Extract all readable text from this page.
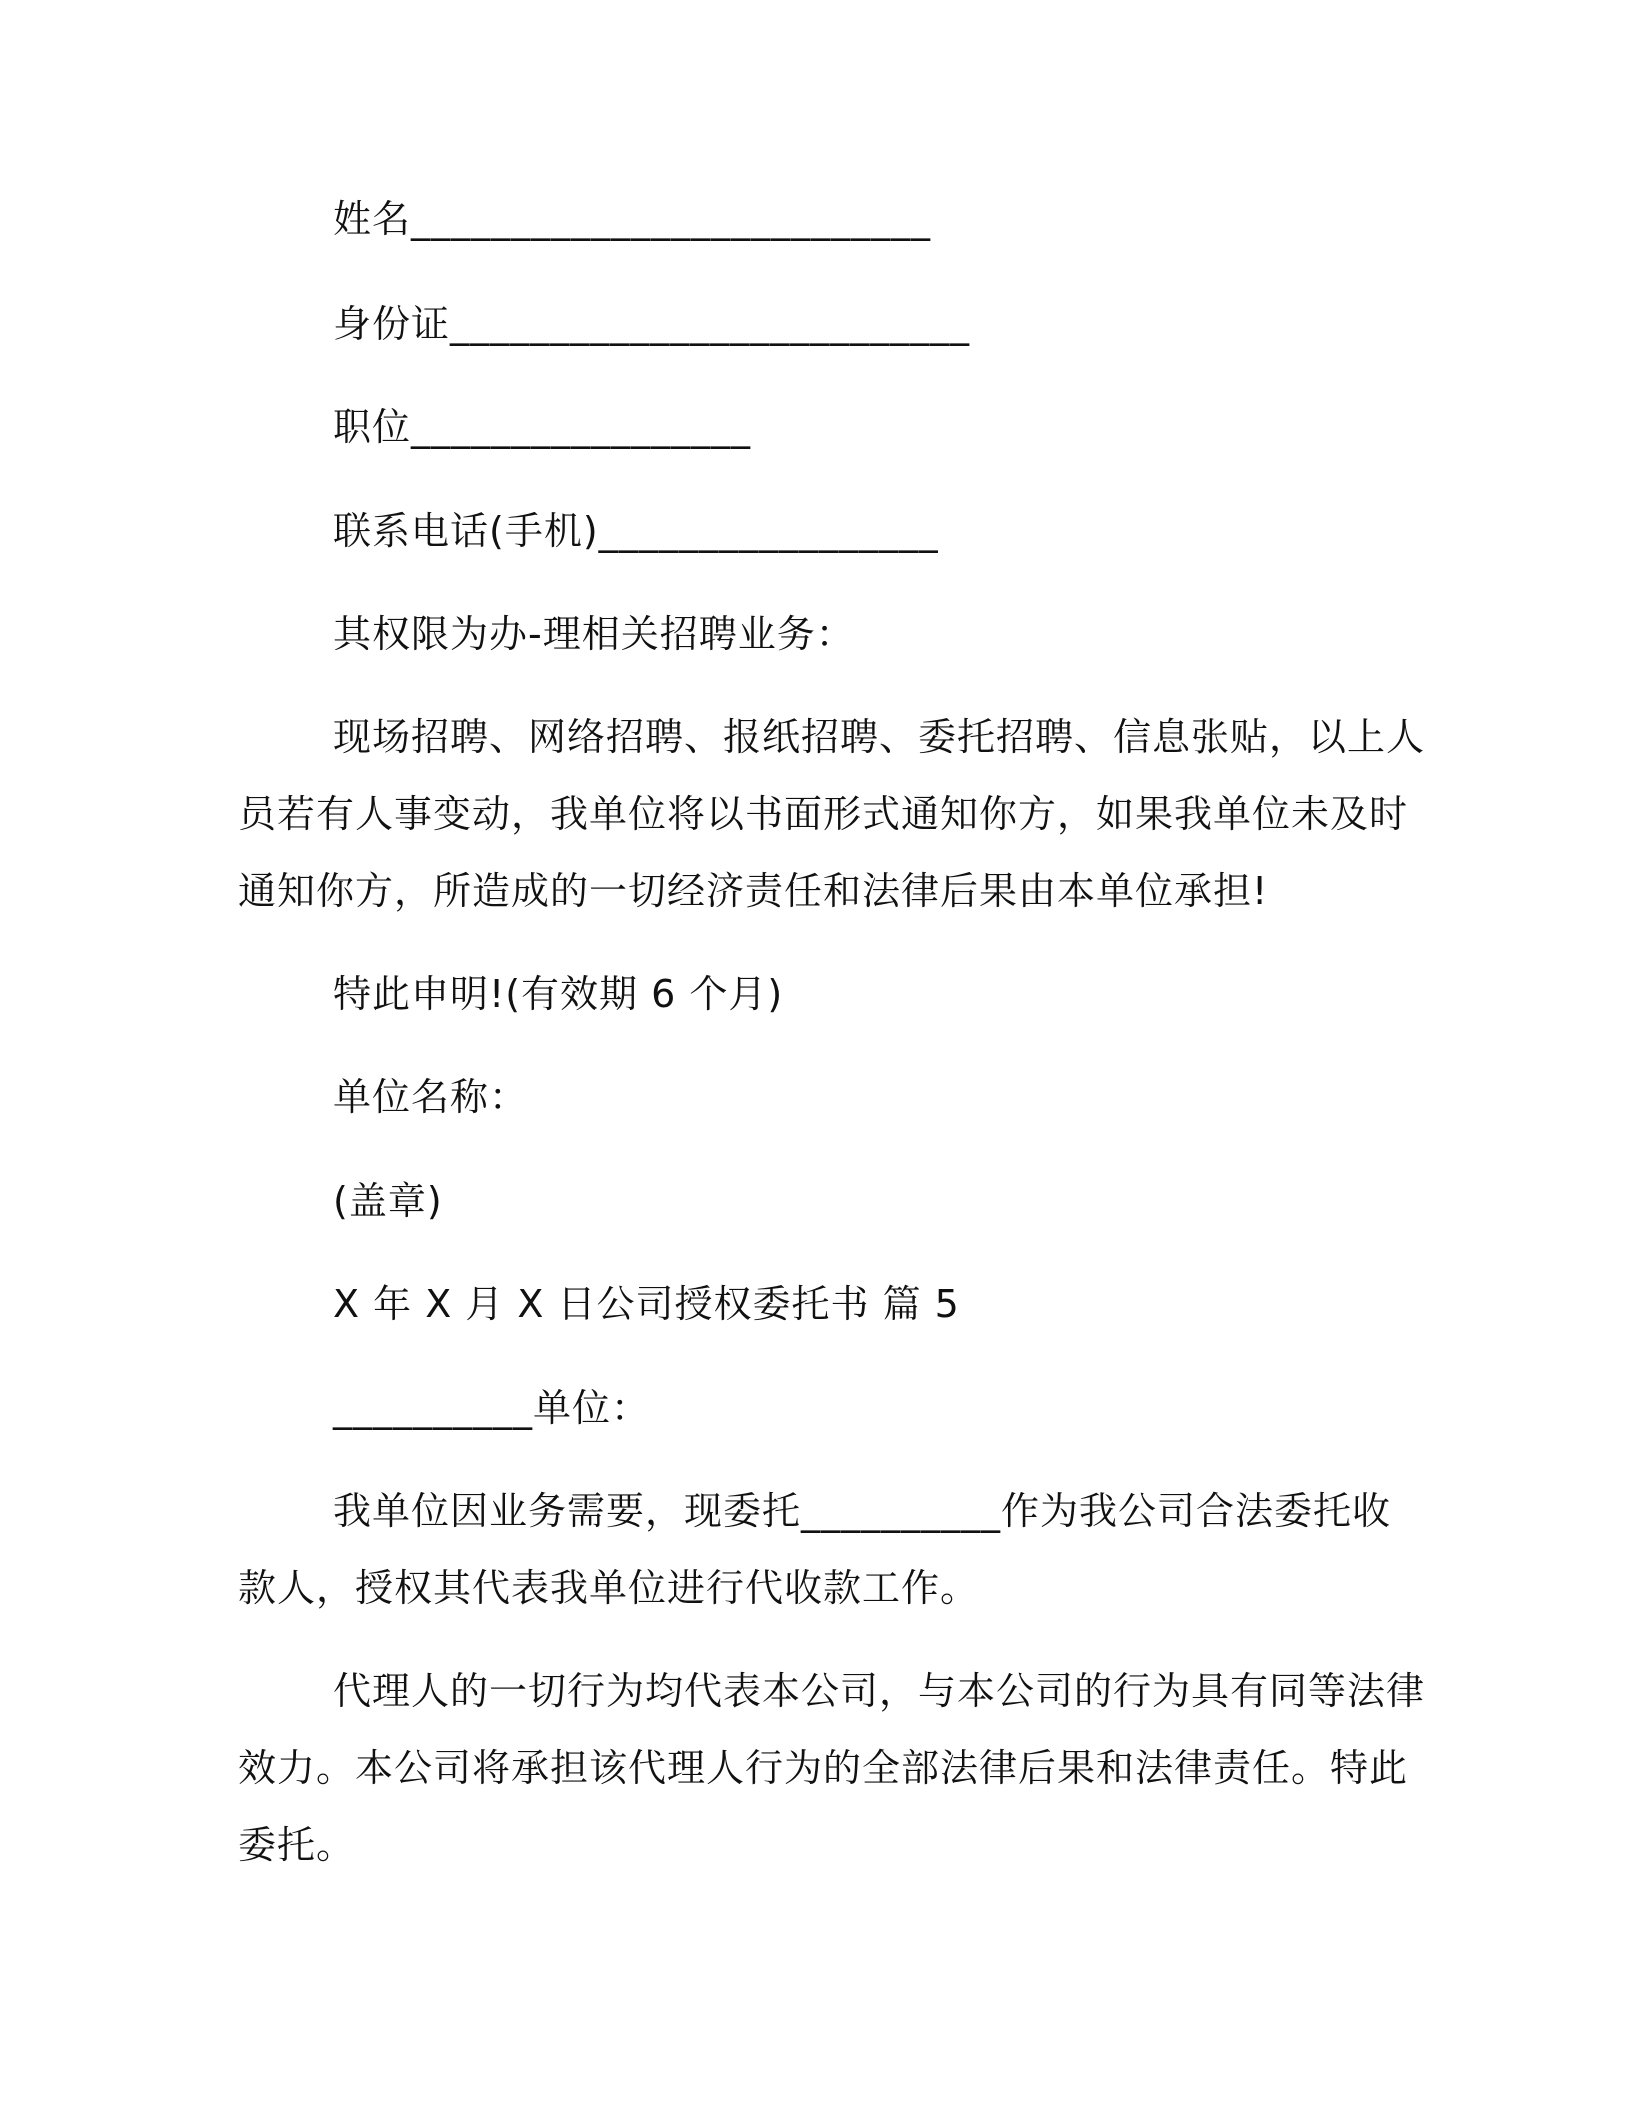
姓名__________________________
身份证__________________________
职位_________________
联系电话(手机)_________________
其权限为办-理相关招聘业务：
现场招聘、网络招聘、报纸招聘、委托招聘、信息张贴，以上人
员若有人事变动，我单位将以书面形式通知你方，如果我单位未及时
通知你方，所造成的一切经济责任和法律后果由本单位承担!
特此申明!(有效期 6 个月)
单位名称：
(盖章)
X 年 X 月 X 日公司授权委托书 篇 5
__________单位：
我单位因业务需要，现委托__________作为我公司合法委托收
款人，授权其代表我单位进行代收款工作。
代理人的一切行为均代表本公司，与本公司的行为具有同等法律
效力。本公司将承担该代理人行为的全部法律后果和法律责任。特此
委托。
